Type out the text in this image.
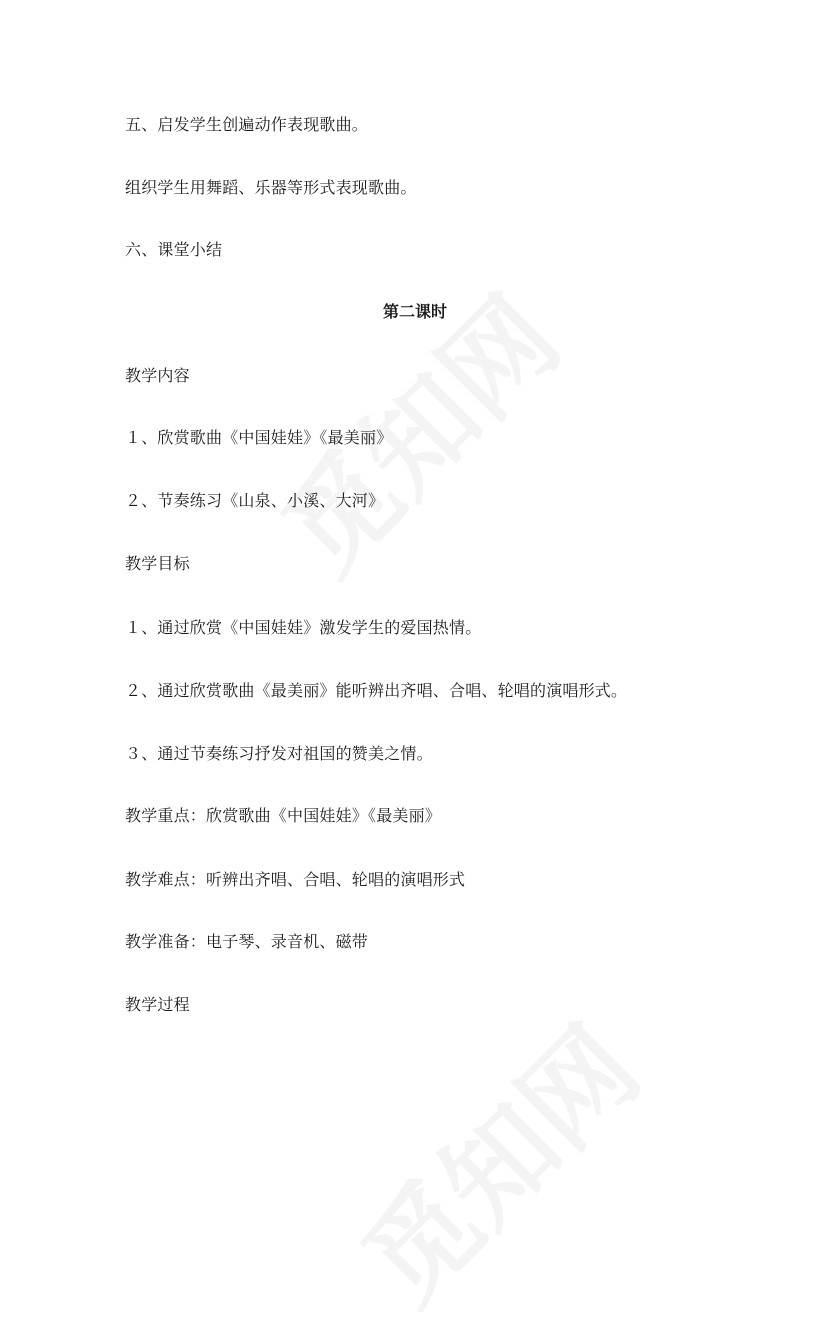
五、启发学生创遍动作表现歌曲。
组织学生用舞蹈、乐器等形式表现歌曲。
六、课堂小结
第二课时
教学内容
１、欣赏歌曲《中国娃娃》《最美丽》
２、节奏练习《山泉、小溪、大河》
教学目标
１、通过欣赏《中国娃娃》激发学生的爱国热情。
２、通过欣赏歌曲《最美丽》能听辨出齐唱、合唱、轮唱的演唱形式。
３、通过节奏练习抒发对祖国的赞美之情。
教学重点：欣赏歌曲《中国娃娃》《最美丽》
教学难点：听辨出齐唱、合唱、轮唱的演唱形式
教学准备：电子琴、录音机、磁带
教学过程
